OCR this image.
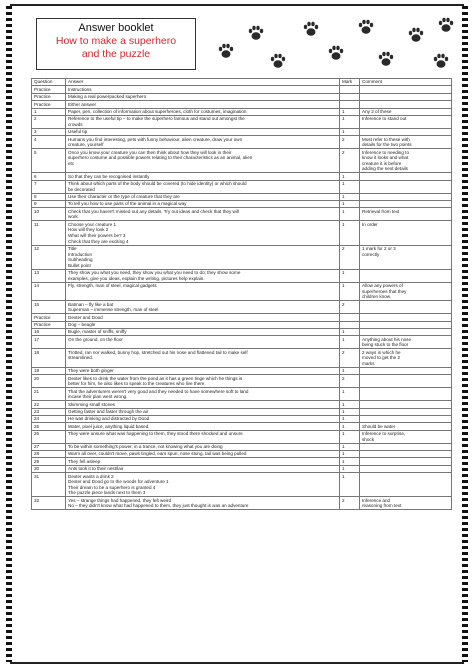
Answer booklet
How to make a superhero
and the puzzle
Question	Answer	Mark	Comment
Practice	Instructions		
Practice	Making a real powerpacked superhero		
Practice	Either answer		
1	Paper, pen, collection of information about superheroes, cloth for costumes, imagination	1	Any 2 of these
2	Reference to the useful tip – to make the superhero famous and stand out amongst the
crowds	1	Inference to stand out
3	Useful tip	1	
4	Humans you find interesting, pets with funny behaviour, alien creature, draw your own
creature, yourself	2	Must refer to these with
details for the two points
5	Once you know your creature you can then think about how they will look in their
superhero costume and possible powers relating to their characteristics as an animal, alien
etc	2	Inference to needing to
know it looks and what
creature it is before
adding the next details
6	So that they can be recognised instantly	1	
7	Think about which parts of the body should be covered (to hide identity) or which should
be decorated	1	
8	Use their character or the type of creature that they are	1	
9	To tell you how to use parts of the animal in a magical way	1	
10	Check that you haven't missed out any details. Try out ideas and check that they will
work.	1	Retrieval from text
11	Choose your creature 1
How will they look 2
What will their powers be? 3
Check that they are exciting 4	1	In order
12	Title
Introduction
Subheading
Bullet point	2	1 mark for 2 or 3
correctly
13	They show you what you need, they show you what you need to do; they show some
examples, give you ideas, explain the writing, pictures help explain.	1	
14	Fly, strength, man of steel, magical gadgets	1	Allow any powers of
superheroes that they
children know.
15	Batman – fly like a bat
Superman – immense strength, man of steel	2	
Practice	Dexter and Dood		
Practice	Dog – beagle		
16	Bugle, master of sniffs, sniffy	1	
17	On the ground, on the floor	1	Anything about his nose
being stuck to the floor
18	Trotted, ran nor walked, bunny hop, stretched out his nose and flattened tail to make self
streamlined.	2	2 ways in which he
moved to get the 2
marks
19	They were both ginger	1	
20	Dexter likes to drink the water from the pond as it has a green tinge which he things is
better for him, he also likes to speak to the creatures who live there.	2	
21	That the adventurers weren't very good and they needed to have somewhere soft to land
incase their plan went wrong.	1	
22	Skimming small stones	1	
23	Getting faster and faster through the air	1	
24	He was drinking and distracted by Dood	1	
25	Water, pixel juice, anything liquid based.	1	Should be water
26	They were unsure what was happening to them, they stood there shocked and unsure	1	Inference to surprise,
shock
27	To be within something's power, in a trance, not knowing what you are doing	1	
28	Warm all over, couldn't move, paws tingled, ears spun, nose stung, tail was being pulled	1	
29	They fell asleep	1	
30	Ants took it to their nest/lair	1	
31	Dexter wants a drink 2
Dexter and Dood go to the woods for adventure 1
Their dream to be a superhero is granted 4
The puzzle piece lands next to them 3	1	
32	Yes – strange things had happened, they felt weird
No – they didn't know what had happened to them, they just thought is was an adventure	2	Inference and
reasoning from text
